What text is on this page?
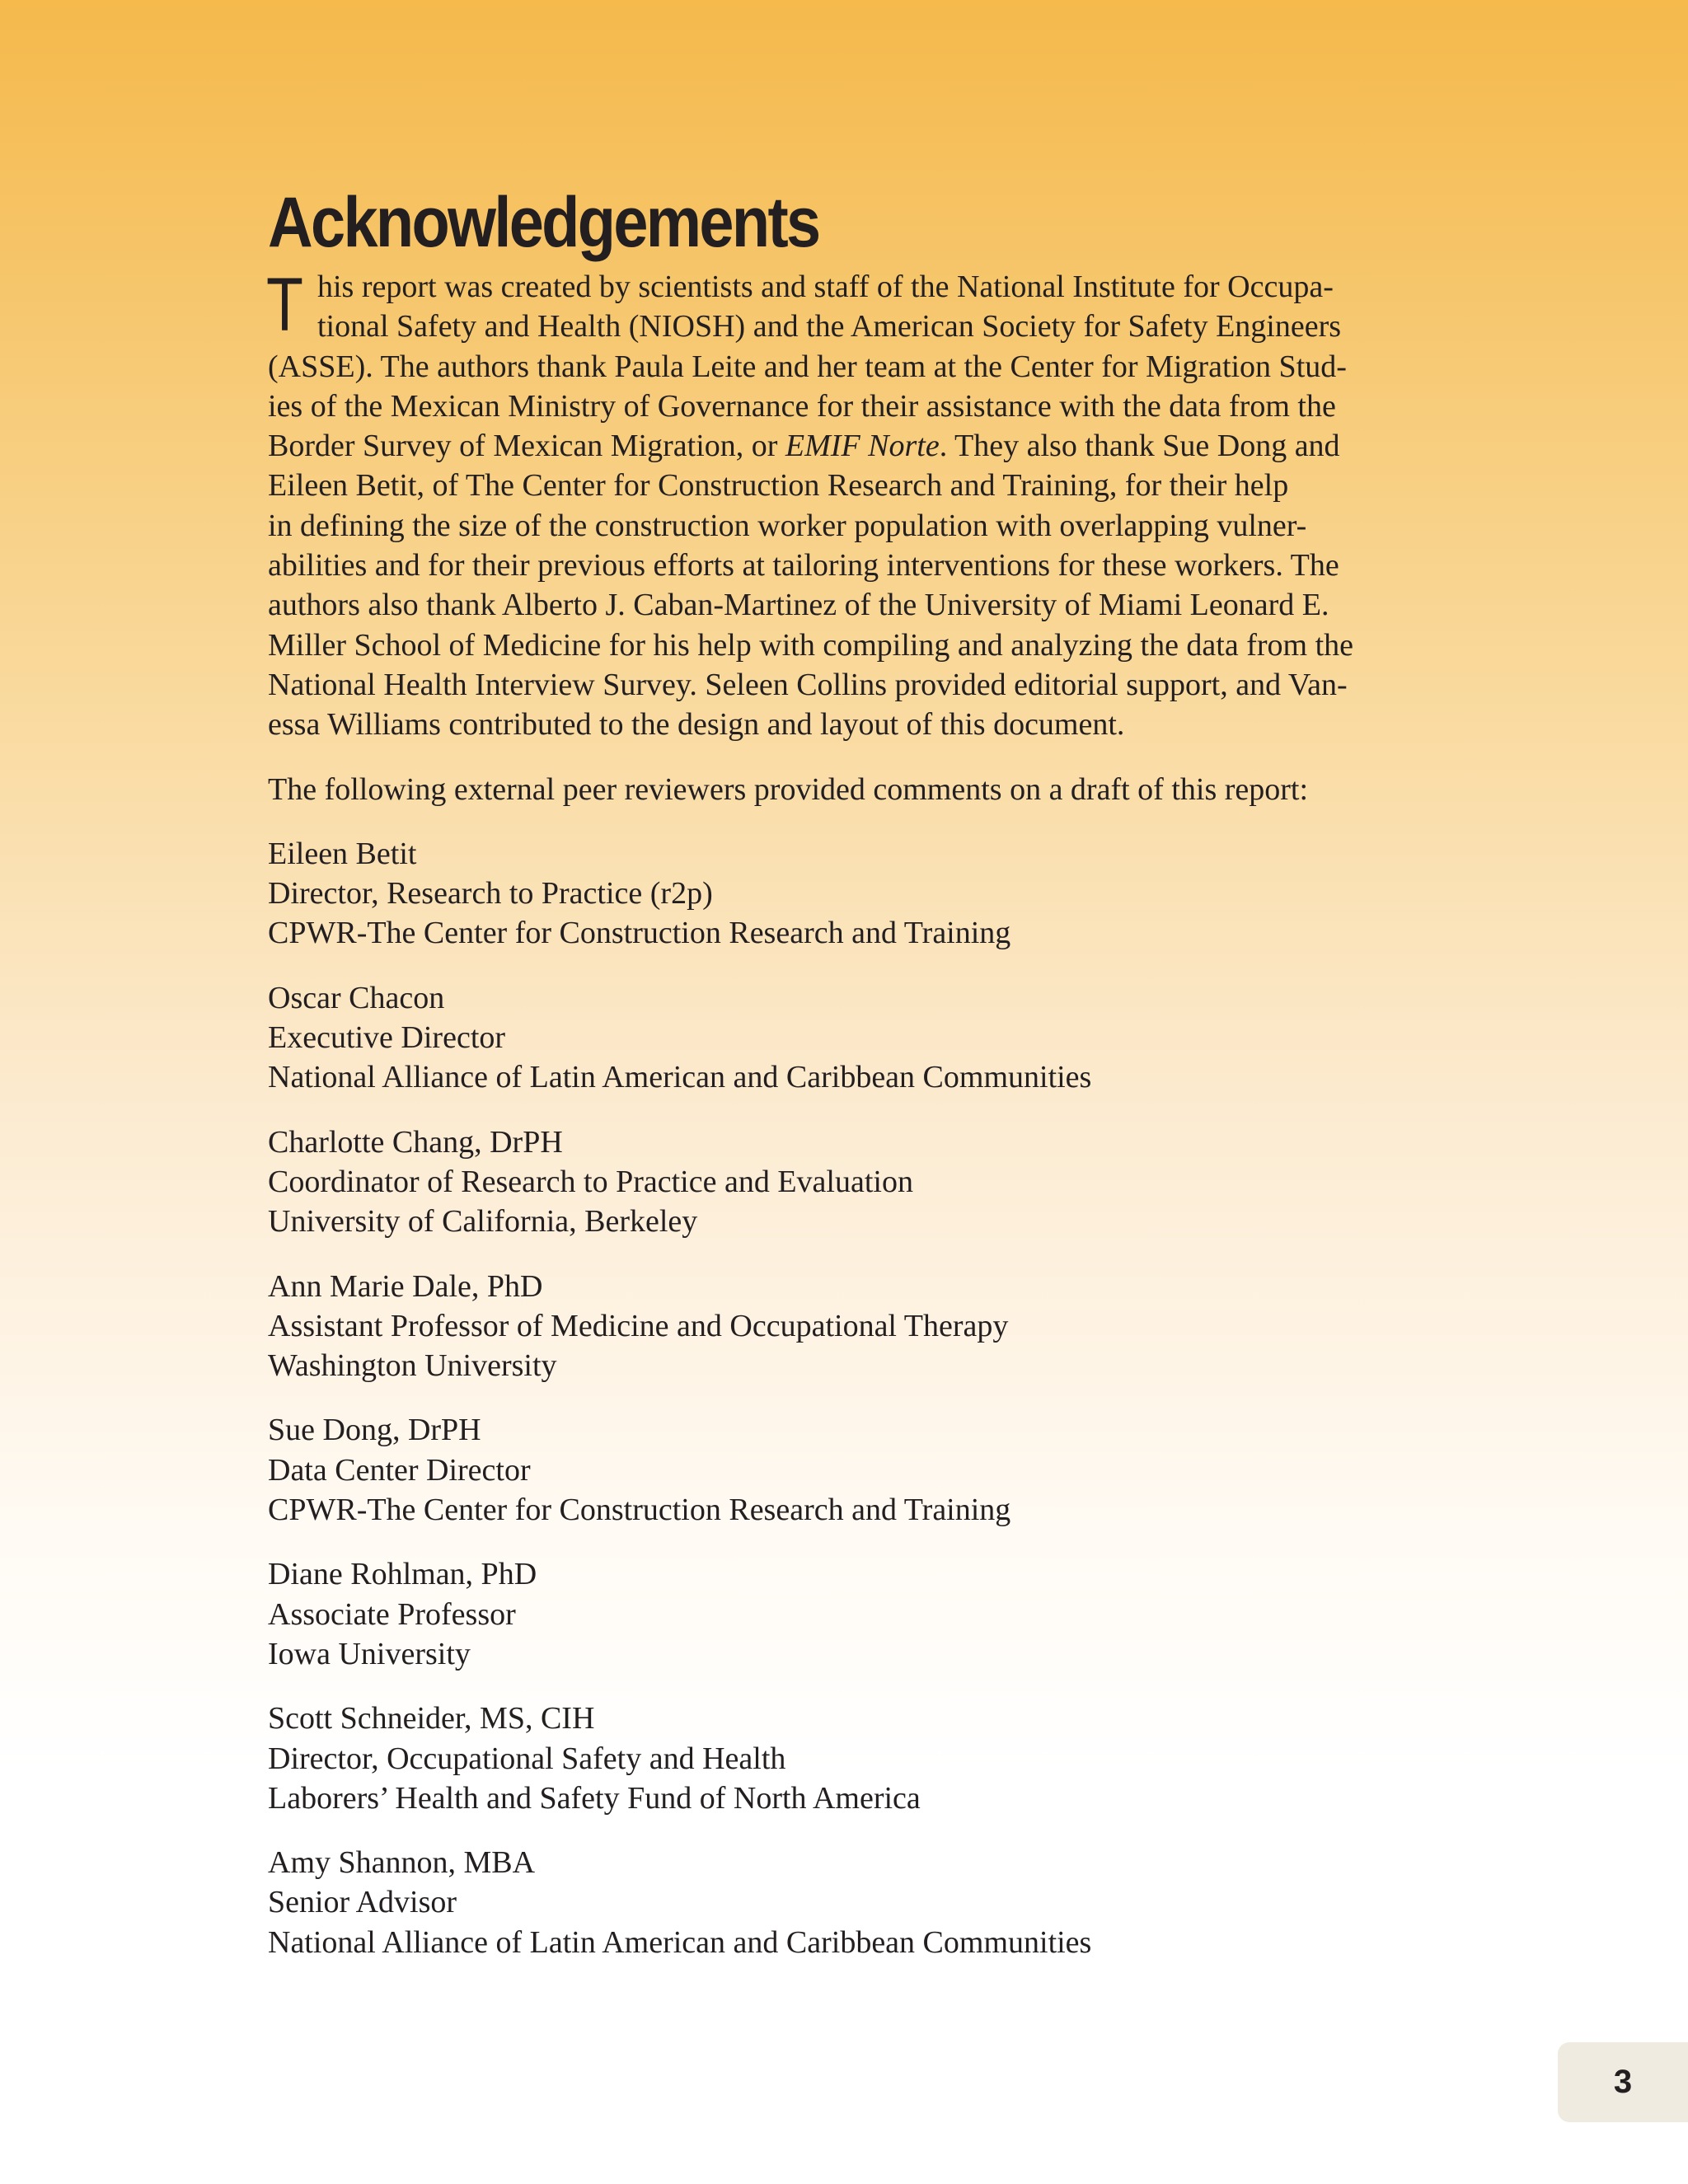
Acknowledgements
T his report was created by scientists and staff of the National Institute for Occupa-
tional Safety and Health (NIOSH) and the American Society for Safety Engineers
(ASSE). The authors thank Paula Leite and her team at the Center for Migration Stud-
ies of the Mexican Ministry of Governance for their assistance with the data from the
Border Survey of Mexican Migration, or EMIF Norte. They also thank Sue Dong and
Eileen Betit, of The Center for Construction Research and Training, for their help
in defining the size of the construction worker population with overlapping vulner-
abilities and for their previous efforts at tailoring interventions for these workers. The
authors also thank Alberto J. Caban-Martinez of the University of Miami Leonard E.
Miller School of Medicine for his help with compiling and analyzing the data from the
National Health Interview Survey. Seleen Collins provided editorial support, and Van-
essa Williams contributed to the design and layout of this document.

The following external peer reviewers provided comments on a draft of this report:

Eileen Betit
Director, Research to Practice (r2p)
CPWR-The Center for Construction Research and Training
Oscar Chacon
Executive Director
National Alliance of Latin American and Caribbean Communities
Charlotte Chang, DrPH
Coordinator of Research to Practice and Evaluation
University of California, Berkeley
Ann Marie Dale, PhD
Assistant Professor of Medicine and Occupational Therapy
Washington University
Sue Dong, DrPH
Data Center Director
CPWR-The Center for Construction Research and Training
Diane Rohlman, PhD
Associate Professor
Iowa University
Scott Schneider, MS, CIH
Director, Occupational Safety and Health
Laborers’ Health and Safety Fund of North America
Amy Shannon, MBA
Senior Advisor
National Alliance of Latin American and Caribbean Communities
3
